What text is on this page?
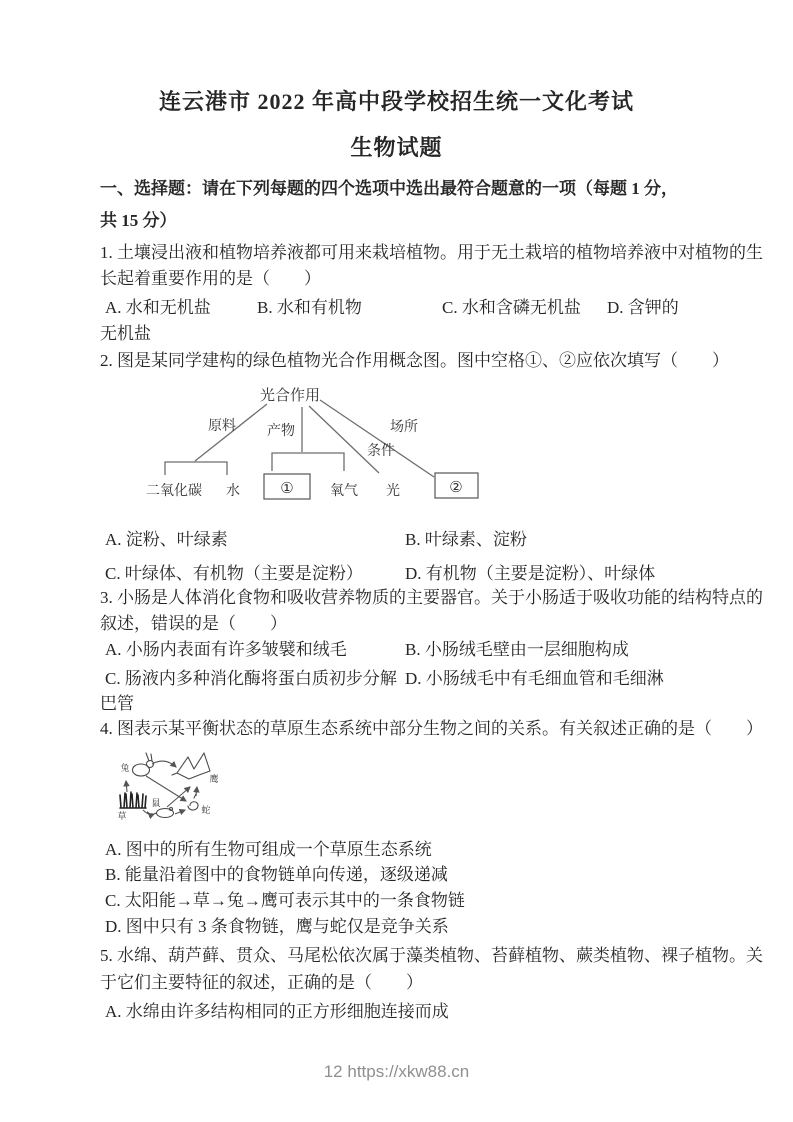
连云港市 2022 年高中段学校招生统一文化考试
生物试题
一、选择题：请在下列每题的四个选项中选出最符合题意的一项（每题 1 分，
共 15 分）
1. 土壤浸出液和植物培养液都可用来栽培植物。用于无土栽培的植物培养液中对植物的生
长起着重要作用的是（　　）
A. 水和无机盐	B. 水和有机物	C. 水和含磷无机盐 D. 含钾的
无机盐
2. 图是某同学建构的绿色植物光合作用概念图。图中空格①、②应依次填写（　　）
光合作用
原料 产物
条件
场所
二氧化碳 水	①	氧气 光	②
A. 淀粉、叶绿素	B. 叶绿素、淀粉
C. 叶绿体、有机物（主要是淀粉） D. 有机物（主要是淀粉）、叶绿体
3. 小肠是人体消化食物和吸收营养物质的主要器官。关于小肠适于吸收功能的结构特点的
叙述，错误的是（　　）
A. 小肠内表面有许多皱襞和绒毛	B. 小肠绒毛壁由一层细胞构成
C. 肠液内多种消化酶将蛋白质初步分解 D. 小肠绒毛中有毛细血管和毛细淋
巴管
4. 图表示某平衡状态的草原生态系统中部分生物之间的关系。有关叙述正确的是（　　）
兔
鹰
草
鼠
蛇
A. 图中的所有生物可组成一个草原生态系统
B. 能量沿着图中的食物链单向传递，逐级递减
C. 太阳能→草→兔→鹰可表示其中的一条食物链
D. 图中只有 3 条食物链，鹰与蛇仅是竞争关系
5. 水绵、葫芦藓、贯众、马尾松依次属于藻类植物、苔藓植物、蕨类植物、裸子植物。关
于它们主要特征的叙述，正确的是（　　）
A. 水绵由许多结构相同的正方形细胞连接而成
12 https://xkw88.cn
